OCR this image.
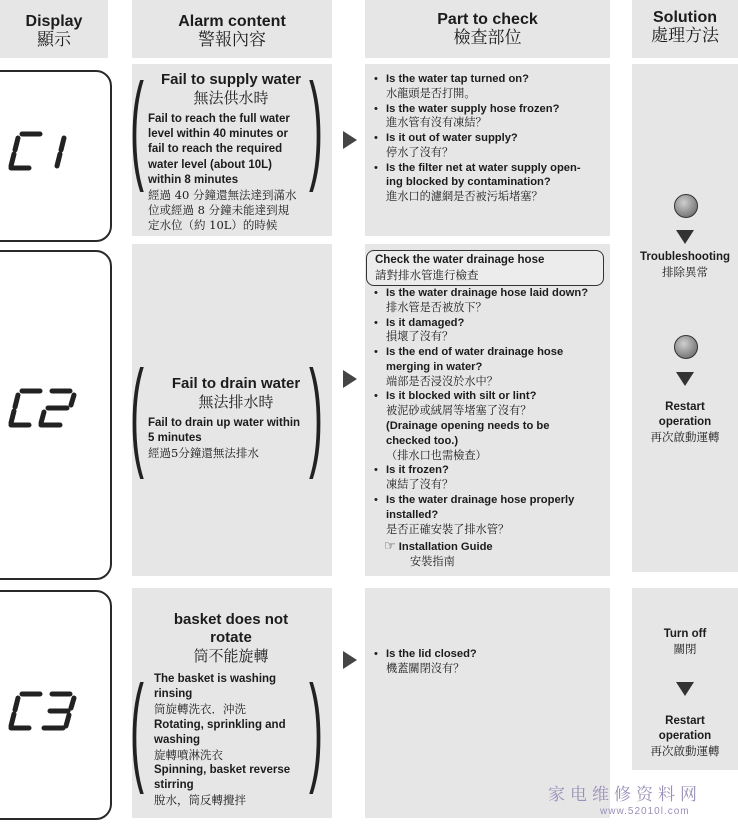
Display
顯示
Alarm content
警報內容
Part to check
檢查部位
Solution
處理方法
C1 ( )
Fail to supply water
無法供水時
Fail to reach the full water
level within 40 minutes or
fail to reach the required
water level (about 10L)
within 8 minutes
經過 40 分鐘還無法達到滿水
位或經過 8 分鐘未能達到規
定水位（約 10L）的時候
• Is the water tap turned on?
水龍頭是否打開。
• Is the water supply hose frozen?
進水管有沒有凍結？
• Is it out of water supply?
停水了沒有？
• Is the filter net at water supply open-
ing blocked by contamination?
進水口的濾網是否被污垢堵塞？
C2 ( )
Fail to drain water
無法排水時
Fail to drain up water within
5 minutes
經過5分鐘還無法排水
Check the water drainage hose
請對排水管進行檢查
• Is the water drainage hose laid down?
排水管是否被放下？
• Is it damaged?
損壞了沒有？
• Is the end of water drainage hose
merging in water?
端部是否浸沒於水中？
• Is it blocked with silt or lint?
被泥砂或絨屑等堵塞了沒有？
(Drainage opening needs to be
checked too.)
（排水口也需檢查）
• Is it frozen?
凍結了沒有？
• Is the water drainage hose properly
installed?
是否正確安裝了排水管？
☞ Installation Guide
安裝指南
Troubleshooting
排除異常
Restart
operation
再次啟動運轉
C3 ( )
basket does not
rotate
筒不能旋轉
The basket is washing
rinsing
筒旋轉洗衣．沖洗
Rotating, sprinkling and
washing
旋轉噴淋洗衣
Spinning, basket reverse
stirring
脫水，筒反轉攪拌
• Is the lid closed?
機蓋關閉沒有？
Turn off
關閉
Restart
operation
再次啟動運轉
家电维修资料网
www.52010l.com
